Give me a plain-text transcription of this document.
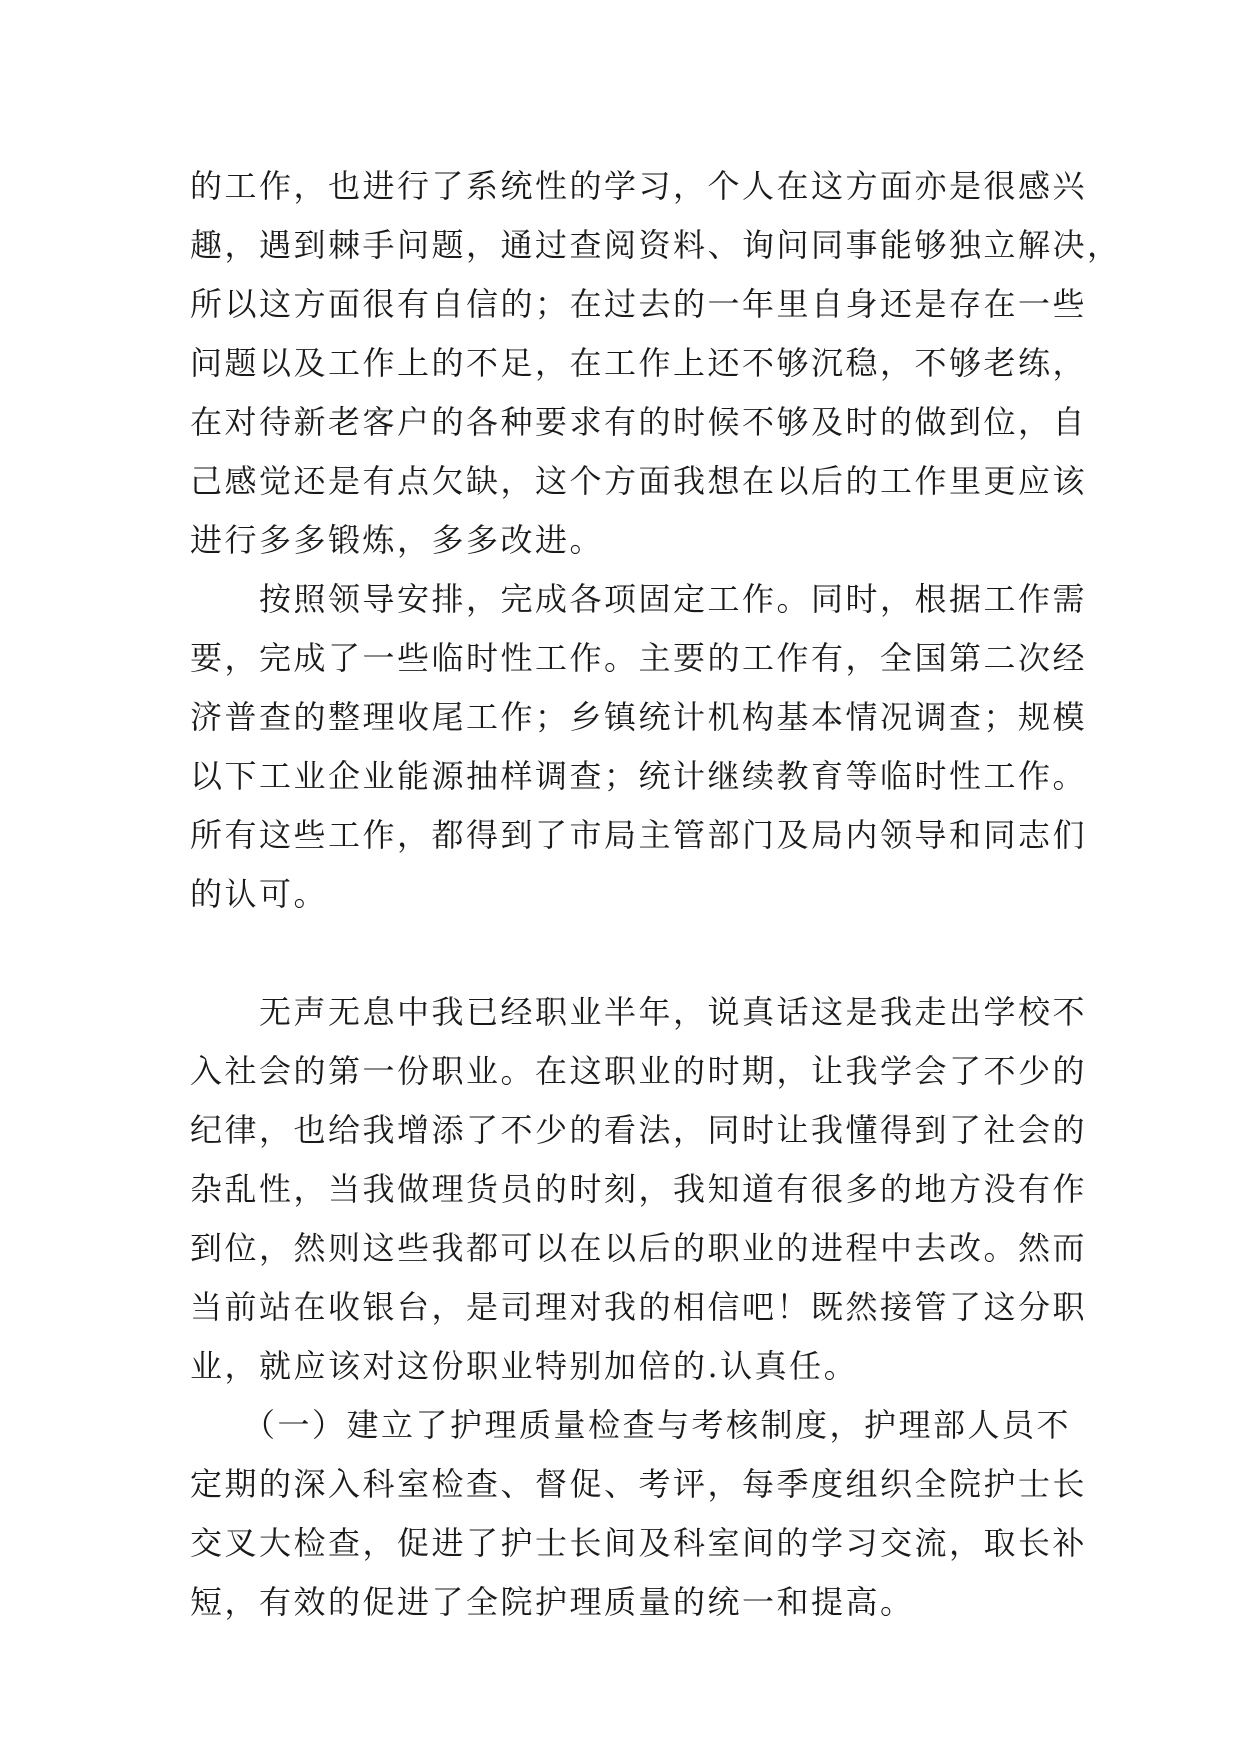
的工作，也进行了系统性的学习，个人在这方面亦是很感兴
趣，遇到棘手问题，通过查阅资料、询问同事能够独立解决，
所以这方面很有自信的；在过去的一年里自身还是存在一些
问题以及工作上的不足，在工作上还不够沉稳，不够老练，
在对待新老客户的各种要求有的时候不够及时的做到位，自
己感觉还是有点欠缺，这个方面我想在以后的工作里更应该
进行多多锻炼，多多改进。
　　按照领导安排，完成各项固定工作。同时，根据工作需
要，完成了一些临时性工作。主要的工作有，全国第二次经
济普查的整理收尾工作；乡镇统计机构基本情况调查；规模
以下工业企业能源抽样调查；统计继续教育等临时性工作。
所有这些工作，都得到了市局主管部门及局内领导和同志们
的认可。
　　无声无息中我已经职业半年，说真话这是我走出学校不
入社会的第一份职业。在这职业的时期，让我学会了不少的
纪律，也给我增添了不少的看法，同时让我懂得到了社会的
杂乱性，当我做理货员的时刻，我知道有很多的地方没有作
到位，然则这些我都可以在以后的职业的进程中去改。然而
当前站在收银台，是司理对我的相信吧！既然接管了这分职
业，就应该对这份职业特别加倍的.认真任。
　　（一）建立了护理质量检查与考核制度，护理部人员不
定期的深入科室检查、督促、考评，每季度组织全院护士长
交叉大检查，促进了护士长间及科室间的学习交流，取长补
短，有效的促进了全院护理质量的统一和提高。
